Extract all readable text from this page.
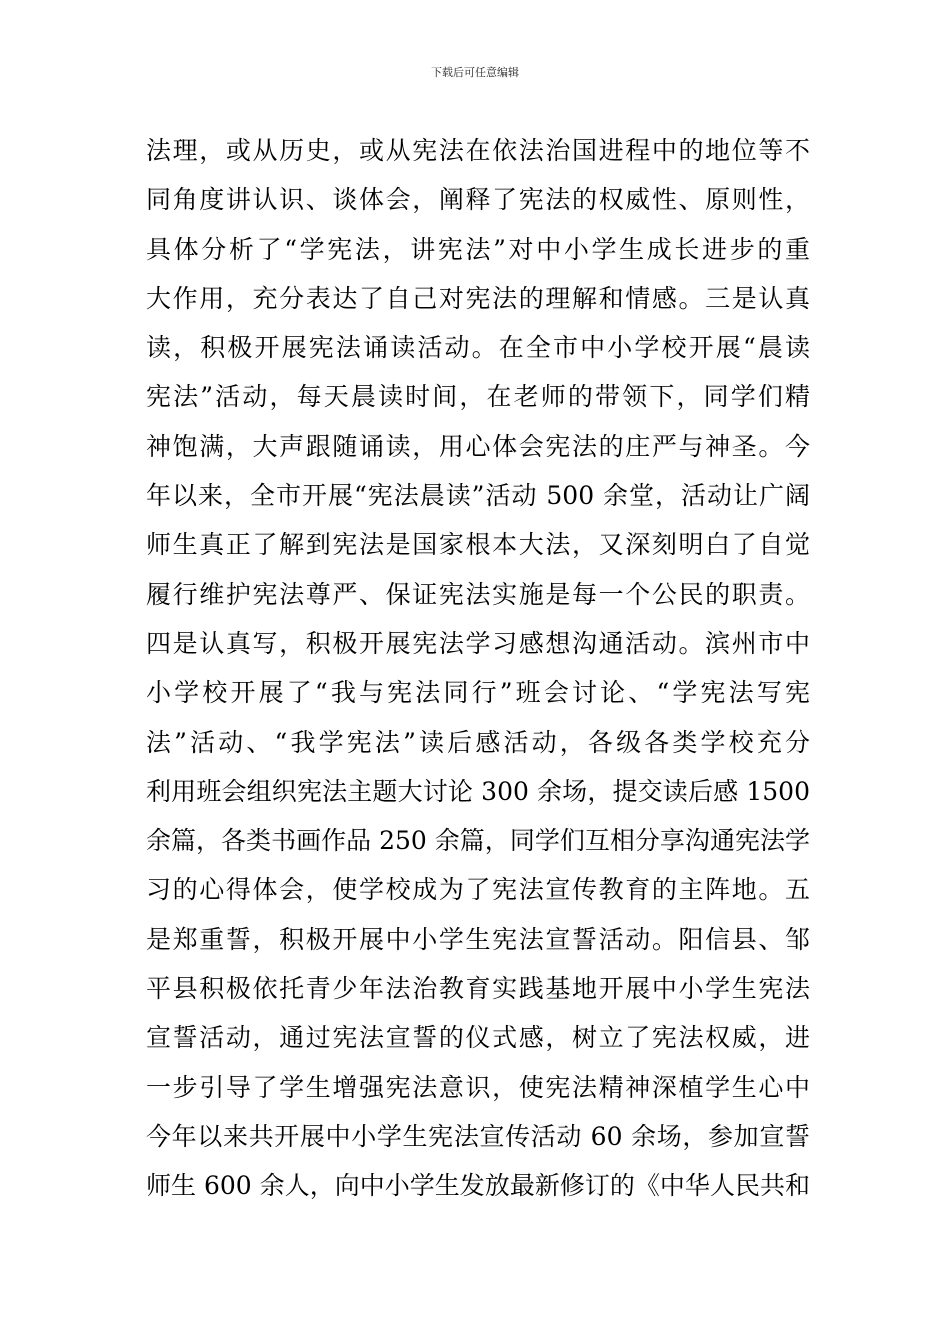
下载后可任意编辑
法理，或从历史，或从宪法在依法治国进程中的地位等不
同角度讲认识、谈体会，阐释了宪法的权威性、原则性，
具体分析了“学宪法，讲宪法”对中小学生成长进步的重
大作用，充分表达了自己对宪法的理解和情感。三是认真
读，积极开展宪法诵读活动。在全市中小学校开展“晨读
宪法”活动，每天晨读时间，在老师的带领下，同学们精
神饱满，大声跟随诵读，用心体会宪法的庄严与神圣。今
年以来，全市开展“宪法晨读”活动 500 余堂，活动让广阔
师生真正了解到宪法是国家根本大法，又深刻明白了自觉
履行维护宪法尊严、保证宪法实施是每一个公民的职责。
四是认真写，积极开展宪法学习感想沟通活动。滨州市中
小学校开展了“我与宪法同行”班会讨论、“学宪法写宪
法”活动、“我学宪法”读后感活动，各级各类学校充分
利用班会组织宪法主题大讨论 300 余场，提交读后感 1500
余篇，各类书画作品 250 余篇，同学们互相分享沟通宪法学
习的心得体会，使学校成为了宪法宣传教育的主阵地。五
是郑重誓，积极开展中小学生宪法宣誓活动。阳信县、邹
平县积极依托青少年法治教育实践基地开展中小学生宪法
宣誓活动，通过宪法宣誓的仪式感，树立了宪法权威，进
一步引导了学生增强宪法意识，使宪法精神深植学生心中
今年以来共开展中小学生宪法宣传活动 60 余场，参加宣誓
师生 600 余人，向中小学生发放最新修订的《中华人民共和
